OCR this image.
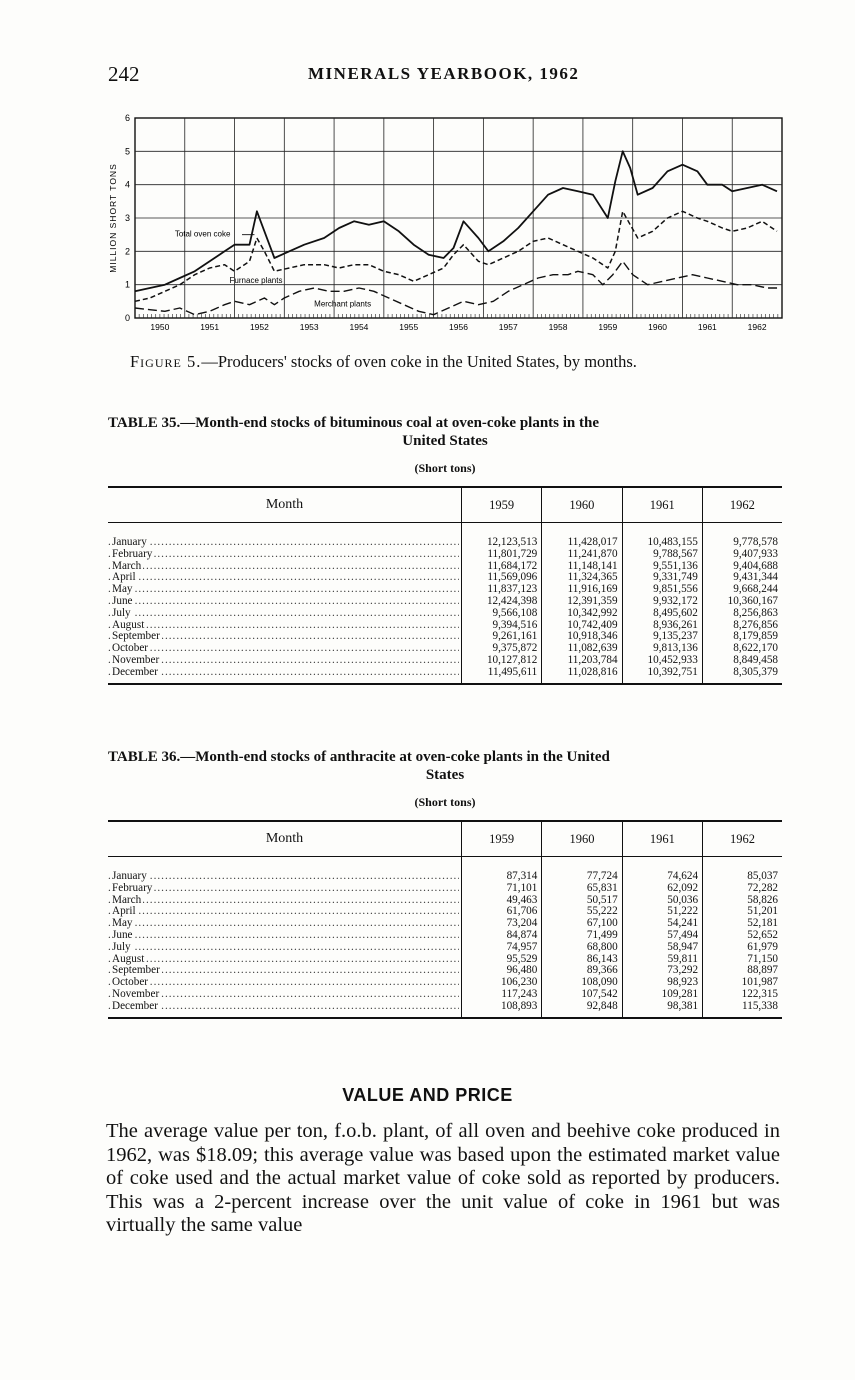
242	MINERALS YEARBOOK, 1962
0
1
2
3
4
5
6
1950	1951	1952	1953	1954	1955	1956	1957	1958	1959	1960	1961	1962
MILLION SHORT TONS	Total oven coke
Furnace plants
Merchant plants
Figure 5.—Producers' stocks of oven coke in the United States, by months.
TABLE 35.—Month-end stocks of bituminous coal at oven-coke plants in the
United States
(Short tons)
Month	1959	1960	1961	1962

January .....	12,123,513	11,428,017	10,483,155	9,778,578
February .....	11,801,729	11,241,870	9,788,567	9,407,933
March .....	11,684,172	11,148,141	9,551,136	9,404,688
April .....	11,569,096	11,324,365	9,331,749	9,431,344
May .....	11,837,123	11,916,169	9,851,556	9,668,244
June .....	12,424,398	12,391,359	9,932,172	10,360,167
July .....	9,566,108	10,342,992	8,495,602	8,256,863
August .....	9,394,516	10,742,409	8,936,261	8,276,856
September .....	9,261,161	10,918,346	9,135,237	8,179,859
October .....	9,375,872	11,082,639	9,813,136	8,622,170
November .....	10,127,812	11,203,784	10,452,933	8,849,458
December .....	11,495,611	11,028,816	10,392,751	8,305,379
TABLE 36.—Month-end stocks of anthracite at oven-coke plants in the United
States
(Short tons)
Month	1959	1960	1961	1962

January .....	87,314	77,724	74,624	85,037
February .....	71,101	65,831	62,092	72,282
March .....	49,463	50,517	50,036	58,826
April .....	61,706	55,222	51,222	51,201
May .....	73,204	67,100	54,241	52,181
June .....	84,874	71,499	57,494	52,652
July .....	74,957	68,800	58,947	61,979
August .....	95,529	86,143	59,811	71,150
September .....	96,480	89,366	73,292	88,897
October .....	106,230	108,090	98,923	101,987
November .....	117,243	107,542	109,281	122,315
December .....	108,893	92,848	98,381	115,338
VALUE AND PRICE
The average value per ton, f.o.b. plant, of all oven and beehive coke produced in 1962, was $18.09; this average value was based upon the estimated market value of coke used and the actual market value of coke sold as reported by producers. This was a 2-percent increase over the unit value of coke in 1961 but was virtually the same value
